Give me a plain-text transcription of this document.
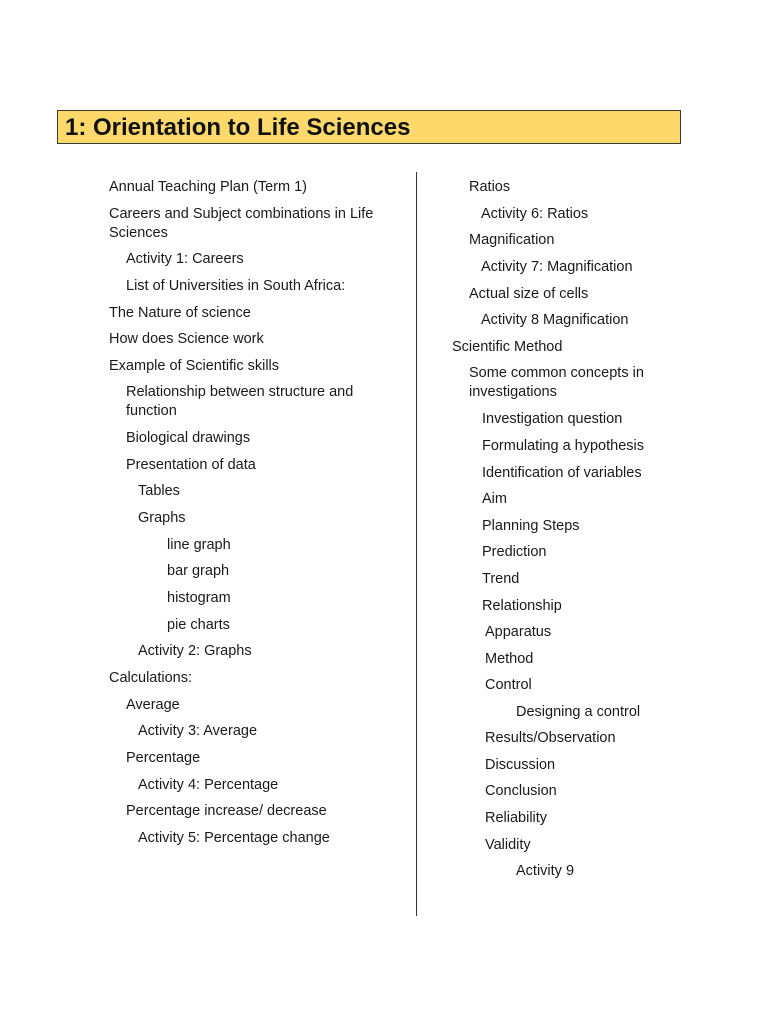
1: Orientation to Life Sciences
Annual Teaching Plan (Term 1)
Careers and Subject combinations in Life Sciences
Activity 1: Careers
List of Universities in South Africa:
The Nature of science
How does Science work
Example of Scientific skills
Relationship between structure and function
Biological drawings
Presentation of data
Tables
Graphs
line graph
bar graph
histogram
pie charts
Activity 2: Graphs
Calculations:
Average
Activity 3: Average
Percentage
Activity 4: Percentage
Percentage increase/ decrease
Activity 5: Percentage change
Ratios
Activity 6: Ratios
Magnification
Activity 7: Magnification
Actual size of cells
Activity 8 Magnification
Scientific Method
Some common concepts in investigations
Investigation question
Formulating a hypothesis
Identification of variables
Aim
Planning Steps
Prediction
Trend
Relationship
Apparatus
Method
Control
Designing a control
Results/Observation
Discussion
Conclusion
Reliability
Validity
Activity 9
